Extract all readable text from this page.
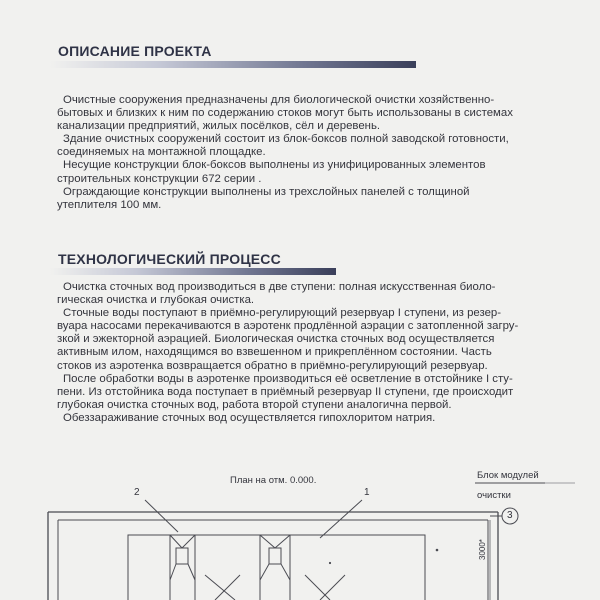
ОПИСАНИЕ ПРОЕКТА

Очистные сооружения предназначены для биологической очистки хозяйственно-
бытовых и близких к ним по содержанию стоков могут быть использованы в системах
канализации предприятий, жилых посёлков, сёл и деревень.
Здание очистных сооружений состоит из блок-боксов полной заводской готовности,
соединяемых на монтажной площадке.
Несущие конструкции блок-боксов выполнены из унифицированных элементов
строительных конструкции 672 серии .
Ограждающие конструкции выполнены из трехслойных панелей с толщиной
утеплителя 100 мм.

ТЕХНОЛОГИЧЕСКИЙ ПРОЦЕСС

Очистка сточных вод производиться в две ступени: полная искусственная биоло-
гическая очистка и глубокая очистка.
Сточные воды поступают в приёмно-регулирующий резервуар I ступени, из резер-
вуара насосами перекачиваются в аэротенк продлённой аэрации с затопленной загру-
зкой и эжекторной аэрацией. Биологическая очистка сточных вод осуществляется
активным илом, находящимся во взвешенном и прикреплённом состоянии. Часть
стоков из аэротенка возвращается обратно в приёмно-регулирующий резервуар.
После обработки воды в аэротенке производиться её осветление в отстойнике I сту-
пени. Из отстойника вода поступает в приёмный резервуар II ступени, где происходит
глубокая очистка сточных вод, работа второй ступени аналогична первой.
Обеззараживание сточных вод осуществляется гипохлоритом натрия.

План на отм. 0.000.	Блок модулей
очистки
2	1
3
3000*
